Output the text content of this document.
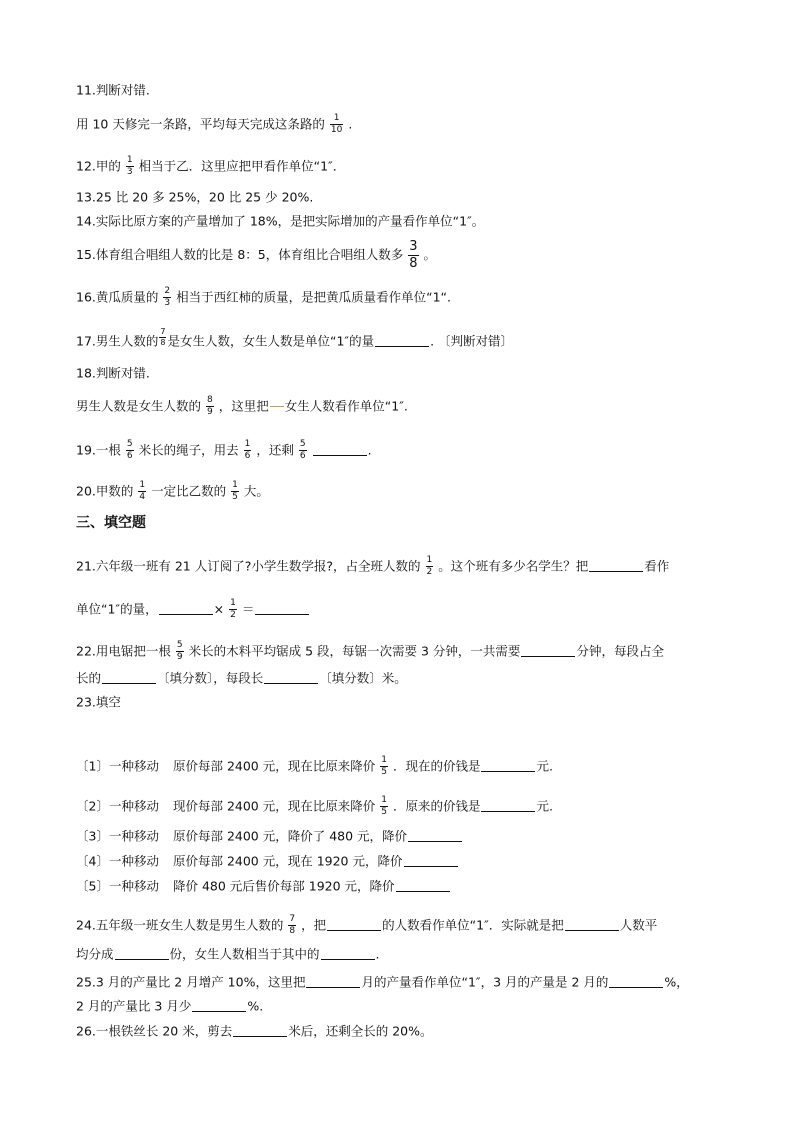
11.判断对错.
用 10 天修完一条路，平均每天完成这条路的 $\frac{1}{10}$ .
12.甲的 $\frac{1}{3}$ 相当于乙．这里应把甲看作单位“1″．
13.25 比 20 多 25%，20 比 25 少 20%.
14.实际比原方案的产量增加了 18%，是把实际增加的产量看作单位“1″。
15.体育组合唱组人数的比是 8：5，体育组比合唱组人数多 $\frac{3}{8}$ 。
16.黄瓜质量的 $\frac{2}{3}$ 相当于西红柿的质量，是把黄瓜质量看作单位“1“.
17.男生人数的 $\frac{7}{8}$ 是女生人数，女生人数是单位“1″的量	. 〔判断对错〕
18.判断对错.
男生人数是女生人数的 $\frac{8}{9}$ ，这里把 女生人数看作单位“1″.
19.一根 $\frac{5}{6}$ 米长的绳子，用去 $\frac{1}{6}$ ，还剩 $\frac{5}{6}$	.
20.甲数的 $\frac{1}{4}$ 一定比乙数的 $\frac{1}{5}$ 大。
三、填空题
21.六年级一班有 21 人订阅了?小学生数学报?，占全班人数的 $\frac{1}{2}$ 。这个班有多少名学生？把	看作
单位“1″的量，	× $\frac{1}{2}$ ＝
22.用电锯把一根 $\frac{5}{9}$ 米长的木料平均锯成 5 段，每锯一次需要 3 分钟，一共需要	分钟，每段占全
长的	〔填分数〕，每段长	〔填分数〕米。
23.填空
〔1〕一种移动 原价每部 2400 元，现在比原来降价 $\frac{1}{5}$ ．现在的价钱是	元.
〔2〕一种移动 现价每部 2400 元，现在比原来降价 $\frac{1}{5}$ ．原来的价钱是	元.
〔3〕一种移动 原价每部 2400 元，降价了 480 元，降价
〔4〕一种移动 原价每部 2400 元，现在 1920 元，降价
〔5〕一种移动 降价 480 元后售价每部 1920 元，降价
24.五年级一班女生人数是男生人数的 $\frac{7}{8}$ ，把	的人数看作单位“1″．实际就是把	人数平
均分成	份，女生人数相当于其中的	.
25.3 月的产量比 2 月增产 10%，这里把	月的产量看作单位“1″，3 月的产量是 2 月的	%，
2 月的产量比 3 月少	%.
26.一根铁丝长 20 米，剪去	米后，还剩全长的 20%。
